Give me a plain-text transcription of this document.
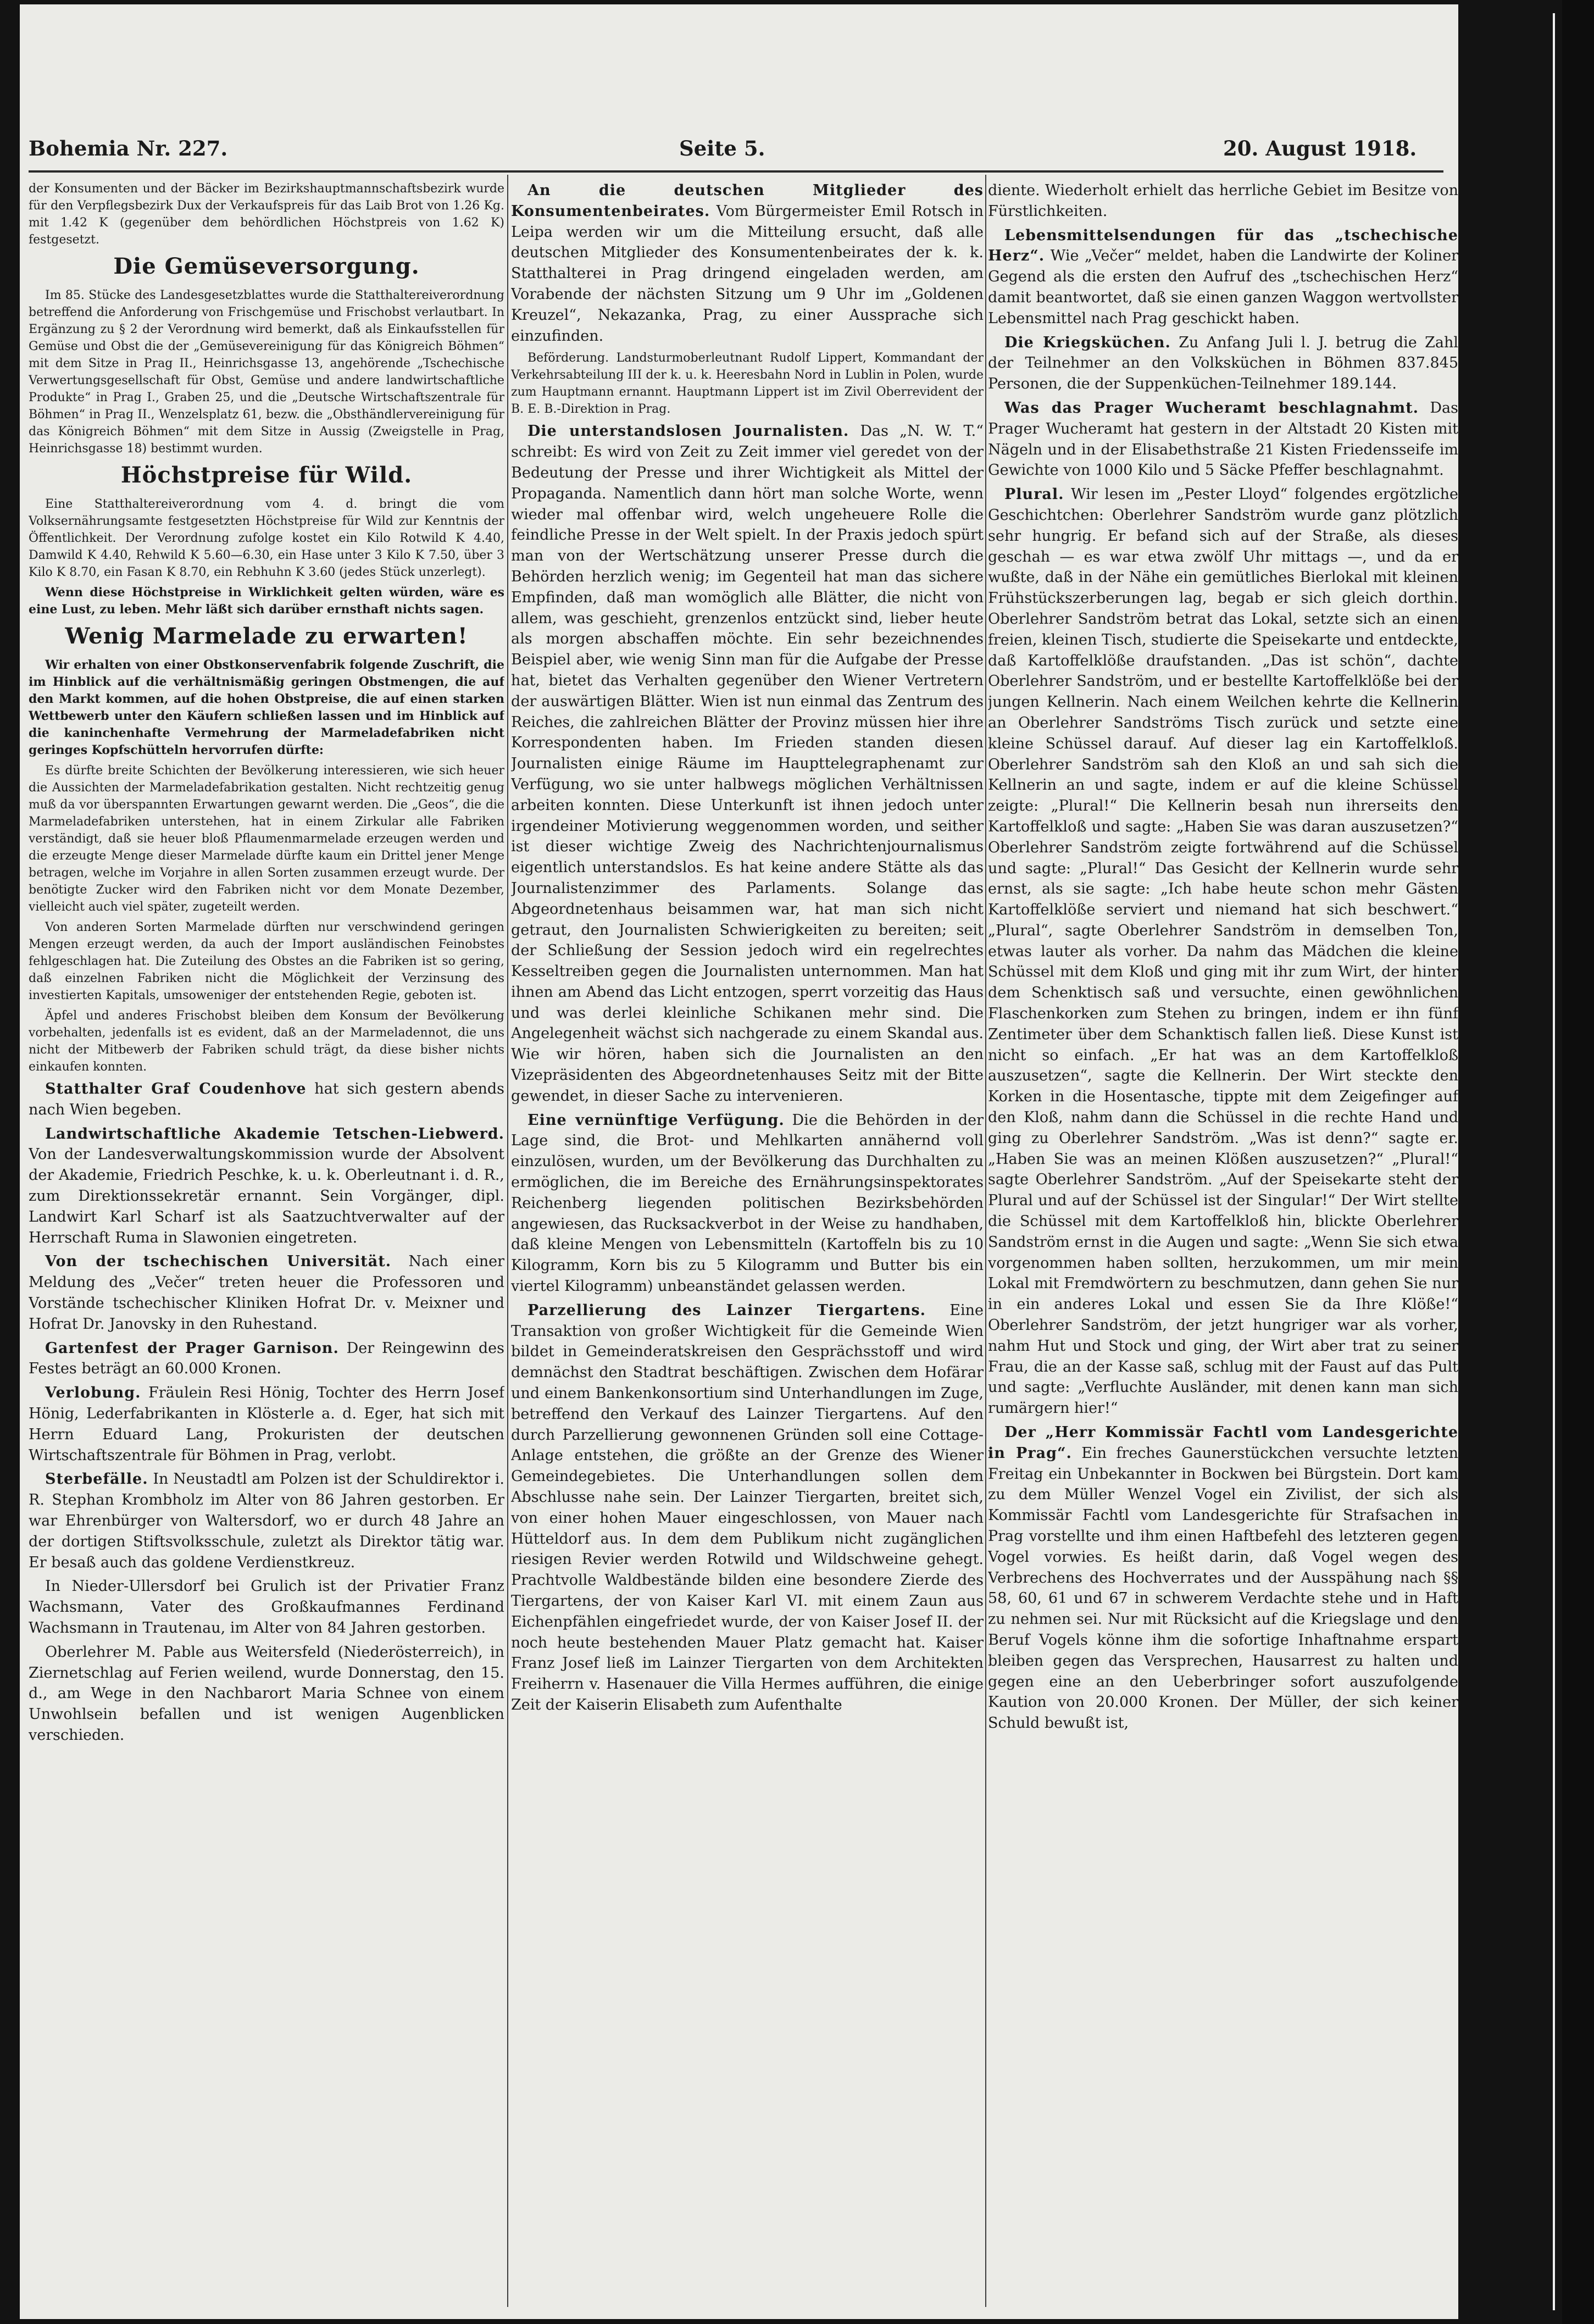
Bohemia Nr. 227.	Seite 5.	20. August 1918.

der Konsumenten und der Bäcker im Bezirkshauptmannschaftsbezirk wurde für den Verpflegsbezirk Dux der Verkaufspreis für das Laib Brot von 1.26 Kg. mit 1.42 K (gegenüber dem behördlichen Höchstpreis von 1.62 K) festgesetzt.

Die Gemüseversorgung.

Im 85. Stücke des Landesgesetzblattes wurde die Statthaltereiverordnung betreffend die Anforderung von Frischgemüse und Frischobst verlautbart. In Ergänzung zu § 2 der Verordnung wird bemerkt, daß als Einkaufsstellen für Gemüse und Obst die der „Gemüsevereinigung für das Königreich Böhmen“ mit dem Sitze in Prag II., Heinrichsgasse 13, angehörende „Tschechische Verwertungsgesellschaft für Obst, Gemüse und andere landwirtschaftliche Produkte“ in Prag I., Graben 25, und die „Deutsche Wirtschaftszentrale für Böhmen“ in Prag II., Wenzelsplatz 61, bezw. die „Obsthändlervereinigung für das Königreich Böhmen“ mit dem Sitze in Aussig (Zweigstelle in Prag, Heinrichsgasse 18) bestimmt wurden.

Höchstpreise für Wild.

Eine Statthaltereiverordnung vom 4. d. bringt die vom Volksernährungsamte festgesetzten Höchstpreise für Wild zur Kenntnis der Öffentlichkeit. Der Verordnung zufolge kostet ein Kilo Rotwild K 4.40, Damwild K 4.40, Rehwild K 5.60—6.30, ein Hase unter 3 Kilo K 7.50, über 3 Kilo K 8.70, ein Fasan K 8.70, ein Rebhuhn K 3.60 (jedes Stück unzerlegt).

Wenn diese Höchstpreise in Wirklichkeit gelten würden, wäre es eine Lust, zu leben. Mehr läßt sich darüber ernsthaft nichts sagen.

Wenig Marmelade zu erwarten!

Wir erhalten von einer Obstkonservenfabrik folgende Zuschrift, die im Hinblick auf die verhältnismäßig geringen Obstmengen, die auf den Markt kommen, auf die hohen Obstpreise, die auf einen starken Wettbewerb unter den Käufern schließen lassen und im Hinblick auf die kaninchenhafte Vermehrung der Marmeladefabriken nicht geringes Kopfschütteln hervorrufen dürfte:

Es dürfte breite Schichten der Bevölkerung interessieren, wie sich heuer die Aussichten der Marmeladefabrikation gestalten. Nicht rechtzeitig genug muß da vor überspannten Erwartungen gewarnt werden. Die „Geos“, die die Marmeladefabriken unterstehen, hat in einem Zirkular alle Fabriken verständigt, daß sie heuer bloß Pflaumenmarmelade erzeugen werden und die erzeugte Menge dieser Marmelade dürfte kaum ein Drittel jener Menge betragen, welche im Vorjahre in allen Sorten zusammen erzeugt wurde. Der benötigte Zucker wird den Fabriken nicht vor dem Monate Dezember, vielleicht auch viel später, zugeteilt werden.

Von anderen Sorten Marmelade dürften nur verschwindend geringen Mengen erzeugt werden, da auch der Import ausländischen Feinobstes fehlgeschlagen hat. Die Zuteilung des Obstes an die Fabriken ist so gering, daß einzelnen Fabriken nicht die Möglichkeit der Verzinsung des investierten Kapitals, umsoweniger der entstehenden Regie, geboten ist.

Äpfel und anderes Frischobst bleiben dem Konsum der Bevölkerung vorbehalten, jedenfalls ist es evident, daß an der Marmeladennot, die uns nicht der Mitbewerb der Fabriken schuld trägt, da diese bisher nichts einkaufen konnten.

Statthalter Graf Coudenhove hat sich gestern abends nach Wien begeben.

Landwirtschaftliche Akademie Tetschen-Liebwerd. Von der Landesverwaltungskommission wurde der Absolvent der Akademie, Friedrich Peschke, k. u. k. Oberleutnant i. d. R., zum Direktionssekretär ernannt. Sein Vorgänger, dipl. Landwirt Karl Scharf ist als Saatzuchtverwalter auf der Herrschaft Ruma in Slawonien eingetreten.

Von der tschechischen Universität. Nach einer Meldung des „Večer“ treten heuer die Professoren und Vorstände tschechischer Kliniken Hofrat Dr. v. Meixner und Hofrat Dr. Janovsky in den Ruhestand.

Gartenfest der Prager Garnison. Der Reingewinn des Festes beträgt an 60.000 Kronen.

Verlobung. Fräulein Resi Hönig, Tochter des Herrn Josef Hönig, Lederfabrikanten in Klösterle a. d. Eger, hat sich mit Herrn Eduard Lang, Prokuristen der deutschen Wirtschaftszentrale für Böhmen in Prag, verlobt.

Sterbefälle. In Neustadtl am Polzen ist der Schuldirektor i. R. Stephan Krombholz im Alter von 86 Jahren gestorben. Er war Ehrenbürger von Waltersdorf, wo er durch 48 Jahre an der dortigen Stiftsvolksschule, zuletzt als Direktor tätig war. Er besaß auch das goldene Verdienstkreuz.

In Nieder-Ullersdorf bei Grulich ist der Privatier Franz Wachsmann, Vater des Großkaufmannes Ferdinand Wachsmann in Trautenau, im Alter von 84 Jahren gestorben.

Oberlehrer M. Pable aus Weitersfeld (Niederösterreich), in Ziernetschlag auf Ferien weilend, wurde Donnerstag, den 15. d., am Wege in den Nachbarort Maria Schnee von einem Unwohlsein befallen und ist wenigen Augenblicken verschieden.

An die deutschen Mitglieder des Konsumentenbeirates. Vom Bürgermeister Emil Rotsch in Leipa werden wir um die Mitteilung ersucht, daß alle deutschen Mitglieder des Konsumentenbeirates der k. k. Statthalterei in Prag dringend eingeladen werden, am Vorabende der nächsten Sitzung um 9 Uhr im „Goldenen Kreuzel“, Nekazanka, Prag, zu einer Aussprache sich einzufinden.

Beförderung. Landsturmoberleutnant Rudolf Lippert, Kommandant der Verkehrsabteilung III der k. u. k. Heeresbahn Nord in Lublin in Polen, wurde zum Hauptmann ernannt. Hauptmann Lippert ist im Zivil Oberrevident der B. E. B.-Direktion in Prag.

Die unterstandslosen Journalisten. Das „N. W. T.“ schreibt: Es wird von Zeit zu Zeit immer viel geredet von der Bedeutung der Presse und ihrer Wichtigkeit als Mittel der Propaganda. Namentlich dann hört man solche Worte, wenn wieder mal offenbar wird, welch ungeheuere Rolle die feindliche Presse in der Welt spielt. In der Praxis jedoch spürt man von der Wertschätzung unserer Presse durch die Behörden herzlich wenig; im Gegenteil hat man das sichere Empfinden, daß man womöglich alle Blätter, die nicht von allem, was geschieht, grenzenlos entzückt sind, lieber heute als morgen abschaffen möchte. Ein sehr bezeichnendes Beispiel aber, wie wenig Sinn man für die Aufgabe der Presse hat, bietet das Verhalten gegenüber den Wiener Vertretern der auswärtigen Blätter. Wien ist nun einmal das Zentrum des Reiches, die zahlreichen Blätter der Provinz müssen hier ihre Korrespondenten haben. Im Frieden standen diesen Journalisten einige Räume im Haupttelegraphenamt zur Verfügung, wo sie unter halbwegs möglichen Verhältnissen arbeiten konnten. Diese Unterkunft ist ihnen jedoch unter irgendeiner Motivierung weggenommen worden, und seither ist dieser wichtige Zweig des Nachrichtenjournalismus eigentlich unterstandslos. Es hat keine andere Stätte als das Journalistenzimmer des Parlaments. Solange das Abgeordnetenhaus beisammen war, hat man sich nicht getraut, den Journalisten Schwierigkeiten zu bereiten; seit der Schließung der Session jedoch wird ein regelrechtes Kesseltreiben gegen die Journalisten unternommen. Man hat ihnen am Abend das Licht entzogen, sperrt vorzeitig das Haus und was derlei kleinliche Schikanen mehr sind. Die Angelegenheit wächst sich nachgerade zu einem Skandal aus. Wie wir hören, haben sich die Journalisten an den Vizepräsidenten des Abgeordnetenhauses Seitz mit der Bitte gewendet, in dieser Sache zu intervenieren.

Eine vernünftige Verfügung. Die die Behörden in der Lage sind, die Brot- und Mehlkarten annähernd voll einzulösen, wurden, um der Bevölkerung das Durchhalten zu ermöglichen, die im Bereiche des Ernährungsinspektorates Reichenberg liegenden politischen Bezirksbehörden angewiesen, das Rucksackverbot in der Weise zu handhaben, daß kleine Mengen von Lebensmitteln (Kartoffeln bis zu 10 Kilogramm, Korn bis zu 5 Kilogramm und Butter bis ein viertel Kilogramm) unbeanständet gelassen werden.

Parzellierung des Lainzer Tiergartens. Eine Transaktion von großer Wichtigkeit für die Gemeinde Wien bildet in Gemeinderatskreisen den Gesprächsstoff und wird demnächst den Stadtrat beschäftigen. Zwischen dem Hofärar und einem Bankenkonsortium sind Unterhandlungen im Zuge, betreffend den Verkauf des Lainzer Tiergartens. Auf den durch Parzellierung gewonnenen Gründen soll eine Cottage-Anlage entstehen, die größte an der Grenze des Wiener Gemeindegebietes. Die Unterhandlungen sollen dem Abschlusse nahe sein. Der Lainzer Tiergarten, breitet sich, von einer hohen Mauer eingeschlossen, von Mauer nach Hütteldorf aus. In dem dem Publikum nicht zugänglichen riesigen Revier werden Rotwild und Wildschweine gehegt. Prachtvolle Waldbestände bilden eine besondere Zierde des Tiergartens, der von Kaiser Karl VI. mit einem Zaun aus Eichenpfählen eingefriedet wurde, der von Kaiser Josef II. der noch heute bestehenden Mauer Platz gemacht hat. Kaiser Franz Josef ließ im Lainzer Tiergarten von dem Architekten Freiherrn v. Hasenauer die Villa Hermes aufführen, die einige Zeit der Kaiserin Elisabeth zum Aufenthalte

diente. Wiederholt erhielt das herrliche Gebiet im Besitze von Fürstlichkeiten.

Lebensmittelsendungen für das „tschechische Herz“. Wie „Večer“ meldet, haben die Landwirte der Koliner Gegend als die ersten den Aufruf des „tschechischen Herz“ damit beantwortet, daß sie einen ganzen Waggon wertvollster Lebensmittel nach Prag geschickt haben.

Die Kriegsküchen. Zu Anfang Juli l. J. betrug die Zahl der Teilnehmer an den Volksküchen in Böhmen 837.845 Personen, die der Suppenküchen-Teilnehmer 189.144.

Was das Prager Wucheramt beschlagnahmt. Das Prager Wucheramt hat gestern in der Altstadt 20 Kisten mit Nägeln und in der Elisabethstraße 21 Kisten Friedensseife im Gewichte von 1000 Kilo und 5 Säcke Pfeffer beschlagnahmt.

Plural. Wir lesen im „Pester Lloyd“ folgendes ergötzliche Geschichtchen: Oberlehrer Sandström wurde ganz plötzlich sehr hungrig. Er befand sich auf der Straße, als dieses geschah — es war etwa zwölf Uhr mittags —, und da er wußte, daß in der Nähe ein gemütliches Bierlokal mit kleinen Frühstückszerberungen lag, begab er sich gleich dorthin. Oberlehrer Sandström betrat das Lokal, setzte sich an einen freien, kleinen Tisch, studierte die Speisekarte und entdeckte, daß Kartoffelklöße draufstanden. „Das ist schön“, dachte Oberlehrer Sandström, und er bestellte Kartoffelklöße bei der jungen Kellnerin. Nach einem Weilchen kehrte die Kellnerin an Oberlehrer Sandströms Tisch zurück und setzte eine kleine Schüssel darauf. Auf dieser lag ein Kartoffelkloß. Oberlehrer Sandström sah den Kloß an und sah sich die Kellnerin an und sagte, indem er auf die kleine Schüssel zeigte: „Plural!“ Die Kellnerin besah nun ihrerseits den Kartoffelkloß und sagte: „Haben Sie was daran auszusetzen?“ Oberlehrer Sandström zeigte fortwährend auf die Schüssel und sagte: „Plural!“ Das Gesicht der Kellnerin wurde sehr ernst, als sie sagte: „Ich habe heute schon mehr Gästen Kartoffelklöße serviert und niemand hat sich beschwert.“ „Plural“, sagte Oberlehrer Sandström in demselben Ton, etwas lauter als vorher. Da nahm das Mädchen die kleine Schüssel mit dem Kloß und ging mit ihr zum Wirt, der hinter dem Schenktisch saß und versuchte, einen gewöhnlichen Flaschenkorken zum Stehen zu bringen, indem er ihn fünf Zentimeter über dem Schanktisch fallen ließ. Diese Kunst ist nicht so einfach. „Er hat was an dem Kartoffelkloß auszusetzen“, sagte die Kellnerin. Der Wirt steckte den Korken in die Hosentasche, tippte mit dem Zeigefinger auf den Kloß, nahm dann die Schüssel in die rechte Hand und ging zu Oberlehrer Sandström. „Was ist denn?“ sagte er. „Haben Sie was an meinen Klößen auszusetzen?“ „Plural!“ sagte Oberlehrer Sandström. „Auf der Speisekarte steht der Plural und auf der Schüssel ist der Singular!“ Der Wirt stellte die Schüssel mit dem Kartoffelkloß hin, blickte Oberlehrer Sandström ernst in die Augen und sagte: „Wenn Sie sich etwa vorgenommen haben sollten, herzukommen, um mir mein Lokal mit Fremdwörtern zu beschmutzen, dann gehen Sie nur in ein anderes Lokal und essen Sie da Ihre Klöße!“ Oberlehrer Sandström, der jetzt hungriger war als vorher, nahm Hut und Stock und ging, der Wirt aber trat zu seiner Frau, die an der Kasse saß, schlug mit der Faust auf das Pult und sagte: „Verfluchte Ausländer, mit denen kann man sich rumärgern hier!“

Der „Herr Kommissär Fachtl vom Landesgerichte in Prag“. Ein freches Gaunerstückchen versuchte letzten Freitag ein Unbekannter in Bockwen bei Bürgstein. Dort kam zu dem Müller Wenzel Vogel ein Zivilist, der sich als Kommissär Fachtl vom Landesgerichte für Strafsachen in Prag vorstellte und ihm einen Haftbefehl des letzteren gegen Vogel vorwies. Es heißt darin, daß Vogel wegen des Verbrechens des Hochverrates und der Ausspähung nach §§ 58, 60, 61 und 67 in schwerem Verdachte stehe und in Haft zu nehmen sei. Nur mit Rücksicht auf die Kriegslage und den Beruf Vogels könne ihm die sofortige Inhaftnahme erspart bleiben gegen das Versprechen, Hausarrest zu halten und gegen eine an den Ueberbringer sofort auszufolgende Kaution von 20.000 Kronen. Der Müller, der sich keiner Schuld bewußt ist,
